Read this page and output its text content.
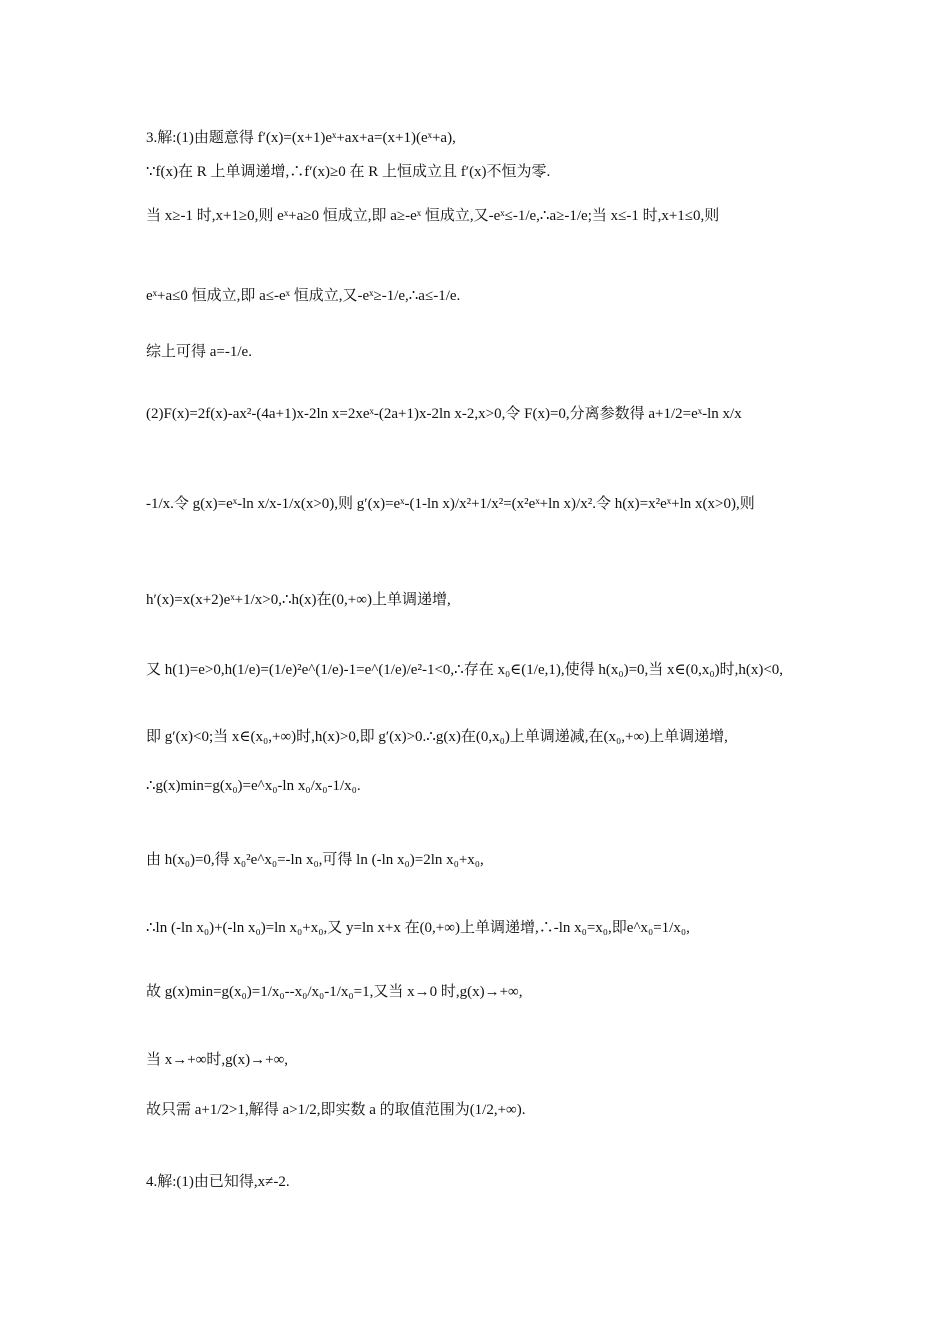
3.解:(1)由题意得 f′(x)=(x+1)eˣ+ax+a=(x+1)(eˣ+a),
∵f(x)在 R 上单调递增,∴f′(x)≥0 在 R 上恒成立且 f′(x)不恒为零.
当 x≥-1 时,x+1≥0,则 eˣ+a≥0 恒成立,即 a≥-eˣ 恒成立,又-eˣ≤-1/e,∴a≥-1/e;当 x≤-1 时,x+1≤0,则
eˣ+a≤0 恒成立,即 a≤-eˣ 恒成立,又-eˣ≥-1/e,∴a≤-1/e.
综上可得 a=-1/e.
(2)F(x)=2f(x)-ax²-(4a+1)x-2ln x=2xeˣ-(2a+1)x-2ln x-2,x>0,令 F(x)=0,分离参数得 a+1/2=eˣ-ln x/x
-1/x.令 g(x)=eˣ-ln x/x-1/x(x>0),则 g′(x)=eˣ-(1-ln x)/x²+1/x²=(x²eˣ+ln x)/x².令 h(x)=x²eˣ+ln x(x>0),则
h′(x)=x(x+2)eˣ+1/x>0,∴h(x)在(0,+∞)上单调递增,
又 h(1)=e>0,h(1/e)=(1/e)²e^(1/e)-1=e^(1/e)/e²-1<0,∴存在 x₀∈(1/e,1),使得 h(x₀)=0,当 x∈(0,x₀)时,h(x)<0,
即 g′(x)<0;当 x∈(x₀,+∞)时,h(x)>0,即 g′(x)>0.∴g(x)在(0,x₀)上单调递减,在(x₀,+∞)上单调递增,
∴g(x)min=g(x₀)=e^x₀-ln x₀/x₀-1/x₀.
由 h(x₀)=0,得 x₀²e^x₀=-ln x₀,可得 ln (-ln x₀)=2ln x₀+x₀,
∴ln (-ln x₀)+(-ln x₀)=ln x₀+x₀,又 y=ln x+x 在(0,+∞)上单调递增,∴-ln x₀=x₀,即e^x₀=1/x₀,
故 g(x)min=g(x₀)=1/x₀--x₀/x₀-1/x₀=1,又当 x→0 时,g(x)→+∞,
当 x→+∞时,g(x)→+∞,
故只需 a+1/2>1,解得 a>1/2,即实数 a 的取值范围为(1/2,+∞).
4.解:(1)由已知得,x≠-2.
